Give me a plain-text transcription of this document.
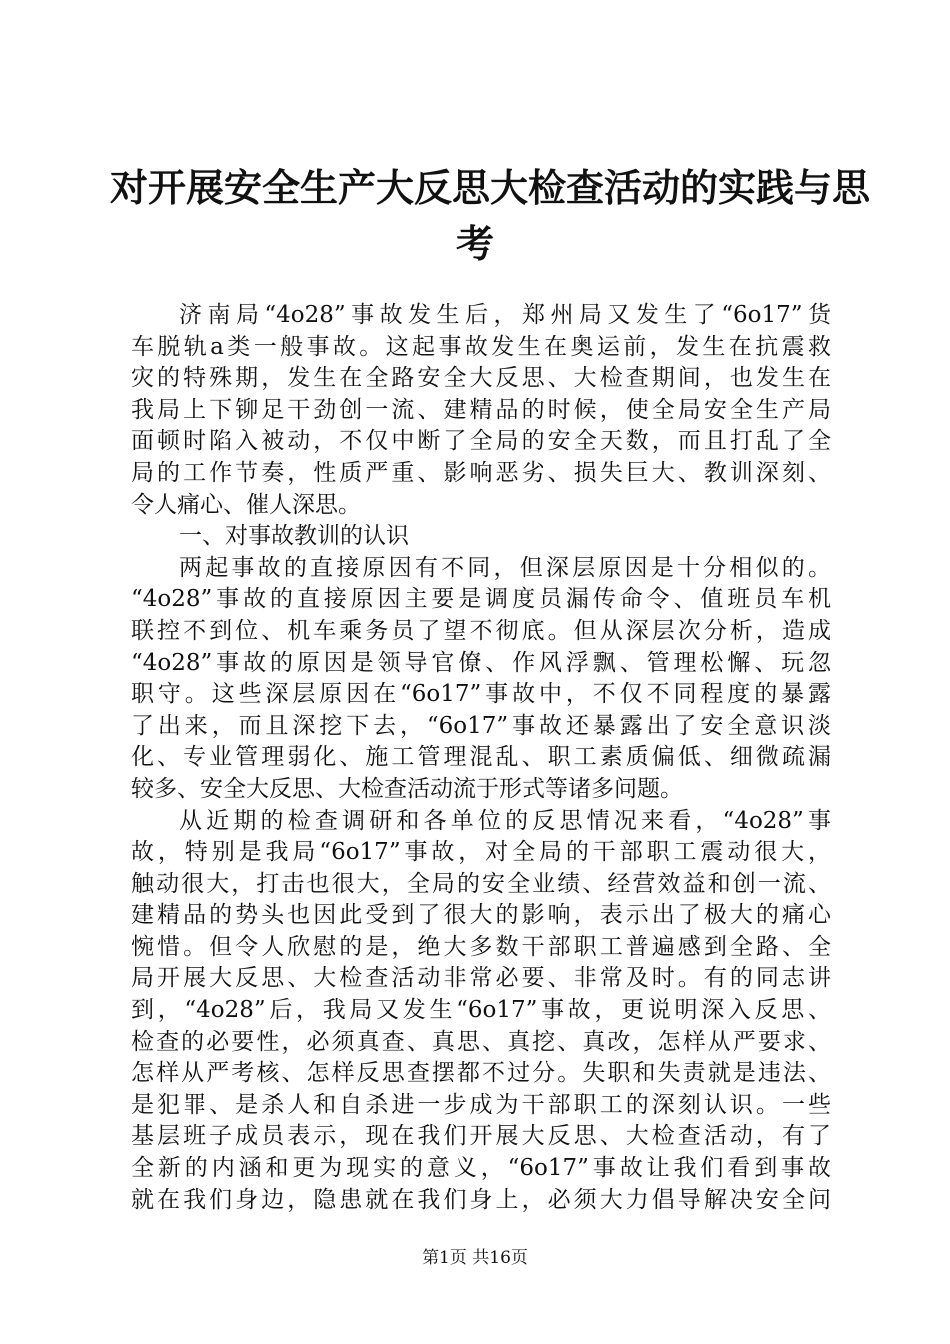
对开展安全生产大反思大检查活动的实践与思
考
济南局“4o28”事故发生后，郑州局又发生了“6o17”货
车脱轨a类一般事故。这起事故发生在奥运前，发生在抗震救
灾的特殊期，发生在全路安全大反思、大检查期间，也发生在
我局上下铆足干劲创一流、建精品的时候，使全局安全生产局
面顿时陷入被动，不仅中断了全局的安全天数，而且打乱了全
局的工作节奏，性质严重、影响恶劣、损失巨大、教训深刻、
令人痛心、催人深思。
一、对事故教训的认识
两起事故的直接原因有不同，但深层原因是十分相似的。
“4o28”事故的直接原因主要是调度员漏传命令、值班员车机
联控不到位、机车乘务员了望不彻底。但从深层次分析，造成
“4o28”事故的原因是领导官僚、作风浮飘、管理松懈、玩忽
职守。这些深层原因在“6o17”事故中，不仅不同程度的暴露
了出来，而且深挖下去，“6o17”事故还暴露出了安全意识淡
化、专业管理弱化、施工管理混乱、职工素质偏低、细微疏漏
较多、安全大反思、大检查活动流于形式等诸多问题。
从近期的检查调研和各单位的反思情况来看，“4o28”事
故，特别是我局“6o17”事故，对全局的干部职工震动很大，
触动很大，打击也很大，全局的安全业绩、经营效益和创一流、
建精品的势头也因此受到了很大的影响，表示出了极大的痛心
惋惜。但令人欣慰的是，绝大多数干部职工普遍感到全路、全
局开展大反思、大检查活动非常必要、非常及时。有的同志讲
到，“4o28”后，我局又发生“6o17”事故，更说明深入反思、
检查的必要性，必须真查、真思、真挖、真改，怎样从严要求、
怎样从严考核、怎样反思查摆都不过分。失职和失责就是违法、
是犯罪、是杀人和自杀进一步成为干部职工的深刻认识。一些
基层班子成员表示，现在我们开展大反思、大检查活动，有了
全新的内涵和更为现实的意义，“6o17”事故让我们看到事故
就在我们身边，隐患就在我们身上，必须大力倡导解决安全问
第1页 共16页
